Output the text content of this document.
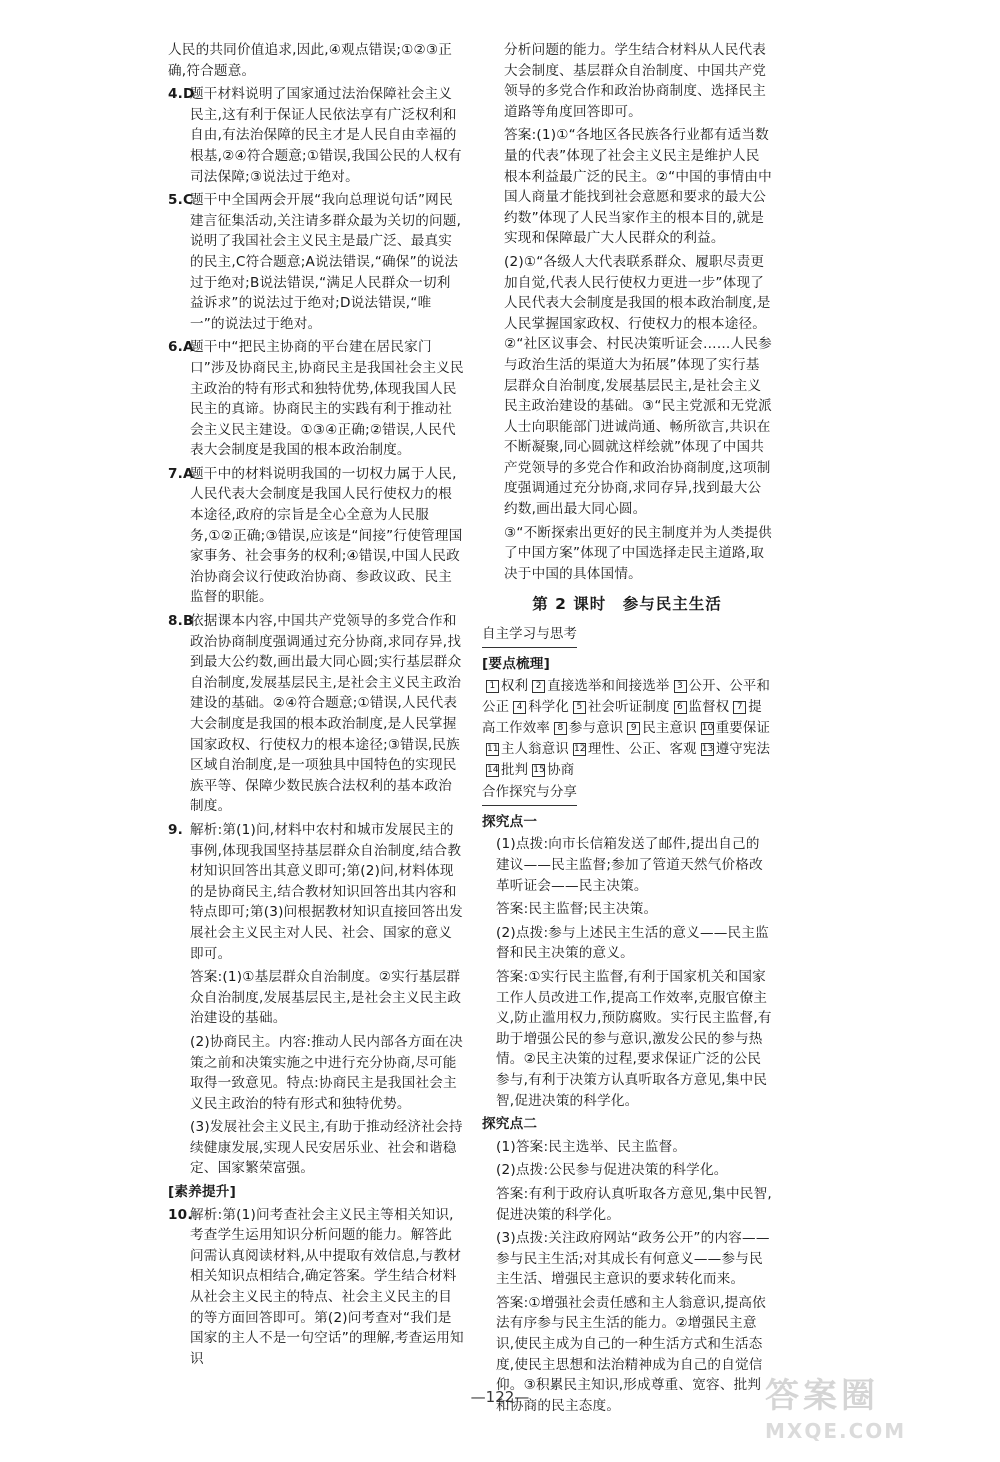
人民的共同价值追求,因此,④观点错误;①②③正确,符合题意。

4.D

题干材料说明了国家通过法治保障社会主义民主,这有利于保证人民依法享有广泛权利和自由,有法治保障的民主才是人民自由幸福的根基,②④符合题意;①错误,我国公民的人权有司法保障;③说法过于绝对。

5.C

题干中全国两会开展“我向总理说句话”网民建言征集活动,关注请多群众最为关切的问题,说明了我国社会主义民主是最广泛、最真实的民主,C符合题意;A说法错误,“确保”的说法过于绝对;B说法错误,“满足人民群众一切利益诉求”的说法过于绝对;D说法错误,“唯一”的说法过于绝对。

6.A

题干中“把民主协商的平台建在居民家门口”涉及协商民主,协商民主是我国社会主义民主政治的特有形式和独特优势,体现我国人民民主的真谛。协商民主的实践有利于推动社会主义民主建设。①③④正确;②错误,人民代表大会制度是我国的根本政治制度。

7.A

题干中的材料说明我国的一切权力属于人民,人民代表大会制度是我国人民行使权力的根本途径,政府的宗旨是全心全意为人民服务,①②正确;③错误,应该是“间接”行使管理国家事务、社会事务的权利;④错误,中国人民政治协商会议行使政治协商、参政议政、民主监督的职能。

8.B

依据课本内容,中国共产党领导的多党合作和政治协商制度强调通过充分协商,求同存异,找到最大公约数,画出最大同心圆;实行基层群众自治制度,发展基层民主,是社会主义民主政治建设的基础。②④符合题意;①错误,人民代表大会制度是我国的根本政治制度,是人民掌握国家政权、行使权力的根本途径;③错误,民族区域自治制度,是一项独具中国特色的实现民族平等、保障少数民族合法权利的基本政治制度。

9. 解析:第(1)问,材料中农村和城市发展民主的事例,体现我国坚持基层群众自治制度,结合教材知识回答出其意义即可;第(2)问,材料体现的是协商民主,结合教材知识回答出其内容和特点即可;第(3)问根据教材知识直接回答出发展社会主义民主对人民、社会、国家的意义即可。

答案:(1)①基层群众自治制度。②实行基层群众自治制度,发展基层民主,是社会主义民主政治建设的基础。

(2)协商民主。内容:推动人民内部各方面在决策之前和决策实施之中进行充分协商,尽可能取得一致意见。特点:协商民主是我国社会主义民主政治的特有形式和独特优势。

(3)发展社会主义民主,有助于推动经济社会持续健康发展,实现人民安居乐业、社会和谐稳定、国家繁荣富强。

[素养提升]
10.

解析:第(1)问考查社会主义民主等相关知识,考查学生运用知识分析问题的能力。解答此问需认真阅读材料,从中提取有效信息,与教材相关知识点相结合,确定答案。学生结合材料从社会主义民主的特点、社会主义民主的目的等方面回答即可。第(2)问考查对“我们是国家的主人不是一句空话”的理解,考查运用知识

分析问题的能力。学生结合材料从人民代表大会制度、基层群众自治制度、中国共产党领导的多党合作和政治协商制度、选择民主道路等角度回答即可。

答案:(1)①“各地区各民族各行业都有适当数量的代表”体现了社会主义民主是维护人民根本利益最广泛的民主。②“中国的事情由中国人商量才能找到社会意愿和要求的最大公约数”体现了人民当家作主的根本目的,就是实现和保障最广大人民群众的利益。

(2)①“各级人大代表联系群众、履职尽责更加自觉,代表人民行使权力更进一步”体现了人民代表大会制度是我国的根本政治制度,是人民掌握国家政权、行使权力的根本途径。②“社区议事会、村民决策听证会……人民参与政治生活的渠道大为拓展”体现了实行基层群众自治制度,发展基层民主,是社会主义民主政治建设的基础。③“民主党派和无党派人士向职能部门进诚尚通、畅所欲言,共识在不断凝聚,同心圆就这样绘就”体现了中国共产党领导的多党合作和政治协商制度,这项制度强调通过充分协商,求同存异,找到最大公约数,画出最大同心圆。

③“不断探索出更好的民主制度并为人类提供了中国方案”体现了中国选择走民主道路,取决于中国的具体国情。

第 2 课时　参与民主生活
自主学习与思考
[要点梳理]
1 权利 2 直接选举和间接选举 3 公开、公平和公正 4 科学化 5 社会听证制度 6 监督权 7 提高工作效率 8 参与意识 9 民主意识 10 重要保证11 主人翁意识 12 理性、公正、客观 13 遵守宪法14 批判 15 协商
合作探究与分享
探究点一

(1)点拨:向市长信箱发送了邮件,提出自己的建议——民主监督;参加了管道天然气价格改革听证会——民主决策。

答案:民主监督;民主决策。

(2)点拨:参与上述民主生活的意义——民主监督和民主决策的意义。

答案:①实行民主监督,有利于国家机关和国家工作人员改进工作,提高工作效率,克服官僚主义,防止滥用权力,预防腐败。实行民主监督,有助于增强公民的参与意识,激发公民的参与热情。②民主决策的过程,要求保证广泛的公民参与,有利于决策方认真听取各方意见,集中民智,促进决策的科学化。

探究点二

(1)答案:民主选举、民主监督。

(2)点拨:公民参与促进决策的科学化。

答案:有利于政府认真听取各方意见,集中民智,促进决策的科学化。

(3)点拨:关注政府网站“政务公开”的内容——参与民主生活;对其成长有何意义——参与民主生活、增强民主意识的要求转化而来。

答案:①增强社会责任感和主人翁意识,提高依法有序参与民主生活的能力。②增强民主意识,使民主成为自己的一种生活方式和生活态度,使民主思想和法治精神成为自己的自觉信仰。③积累民主知识,形成尊重、宽容、批判和协商的民主态度。

—122—	答案圈
MXQE.COM
